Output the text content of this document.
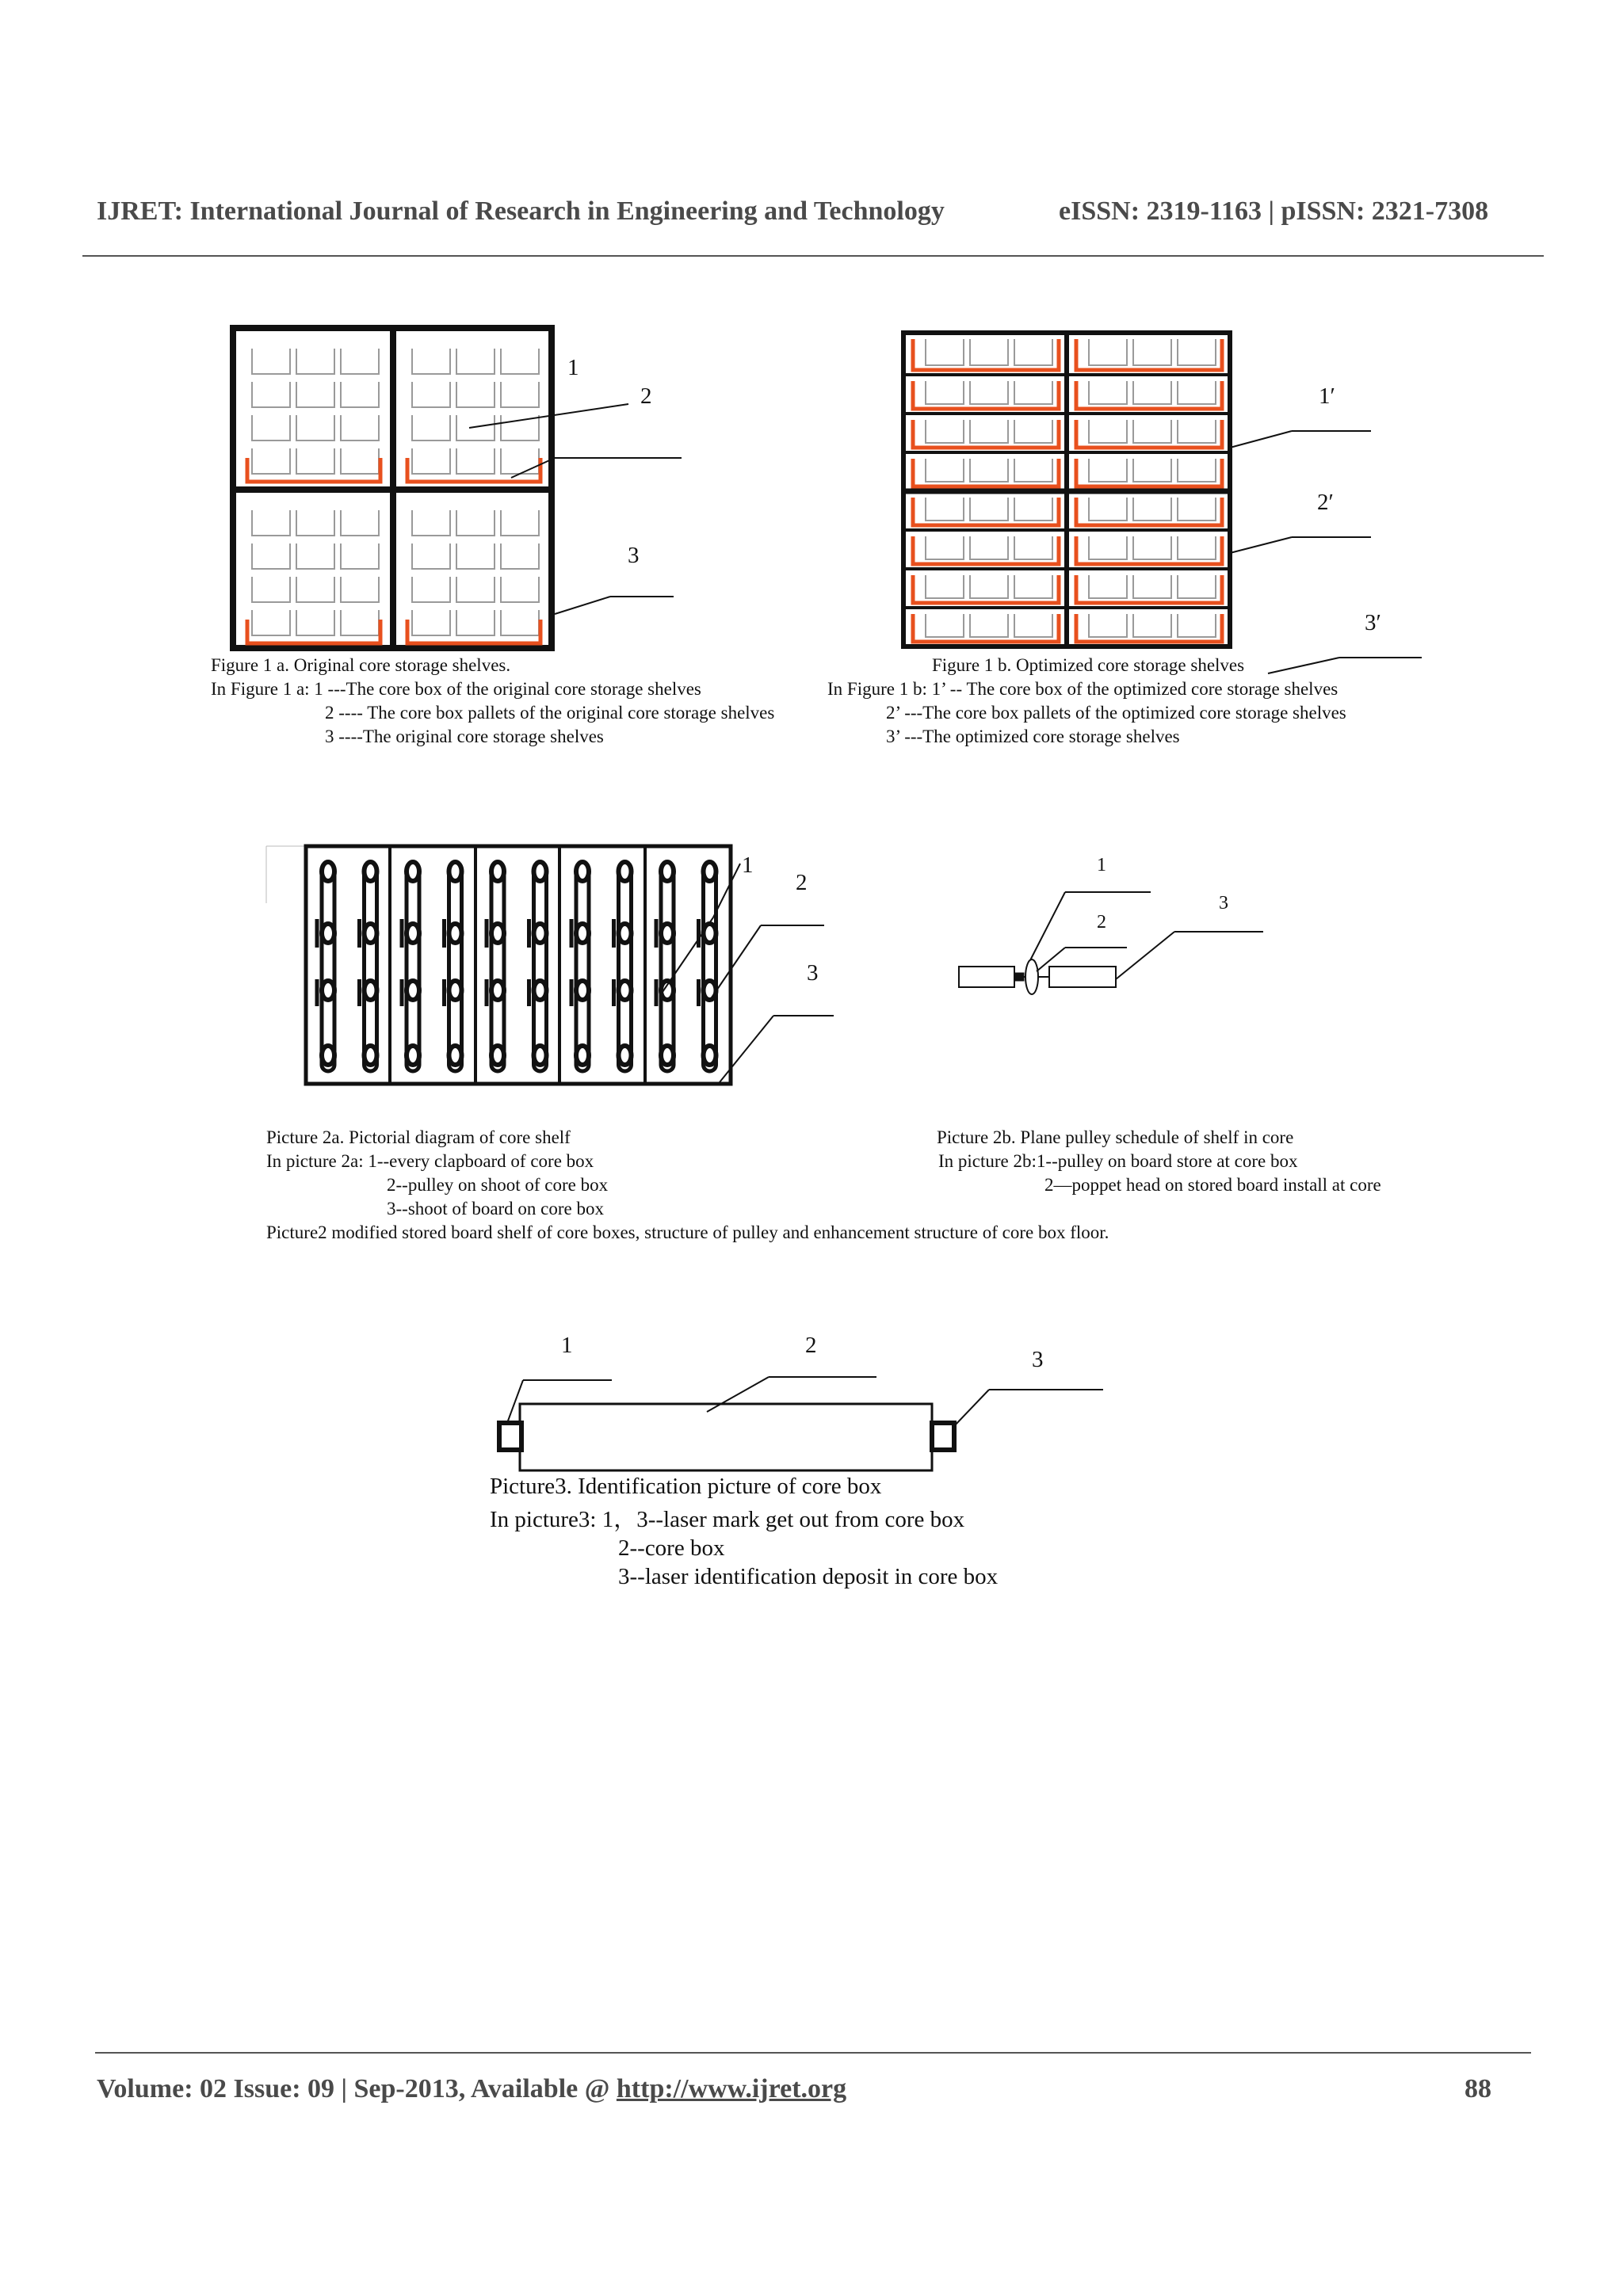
IJRET: International Journal of Research in Engineering and Technology	eISSN: 2319-1163 | pISSN: 2321-7308
1
2
3
Figure 1 a. Original core storage shelves.
In Figure 1 a: 1 ---The core box of the original core storage shelves
2 ---- The core box pallets of the original core storage shelves
3 ----The original core storage shelves
1′
2′
3′
Figure 1 b. Optimized core storage shelves
In Figure 1 b: 1’ -- The core box of the optimized core storage shelves
2’ ---The core box pallets of the optimized core storage shelves
3’ ---The optimized core storage shelves
1
2
3
Picture 2a. Pictorial diagram of core shelf
In picture 2a: 1--every clapboard of core box
2--pulley on shoot of core box
3--shoot of board on core box
1
2
3
Picture 2b. Plane pulley schedule of shelf in core
In picture 2b:1--pulley on board store at core box
2—poppet head on stored board install at core
Picture2 modified stored board shelf of core boxes, structure of pulley and enhancement structure of core box floor.
1	2
3
Picture3. Identification picture of core box
In picture3: 1，3--laser mark get out from core box
2--core box
3--laser identification deposit in core box
Volume: 02 Issue: 09 | Sep-2013, Available @ http://www.ijret.org	88
